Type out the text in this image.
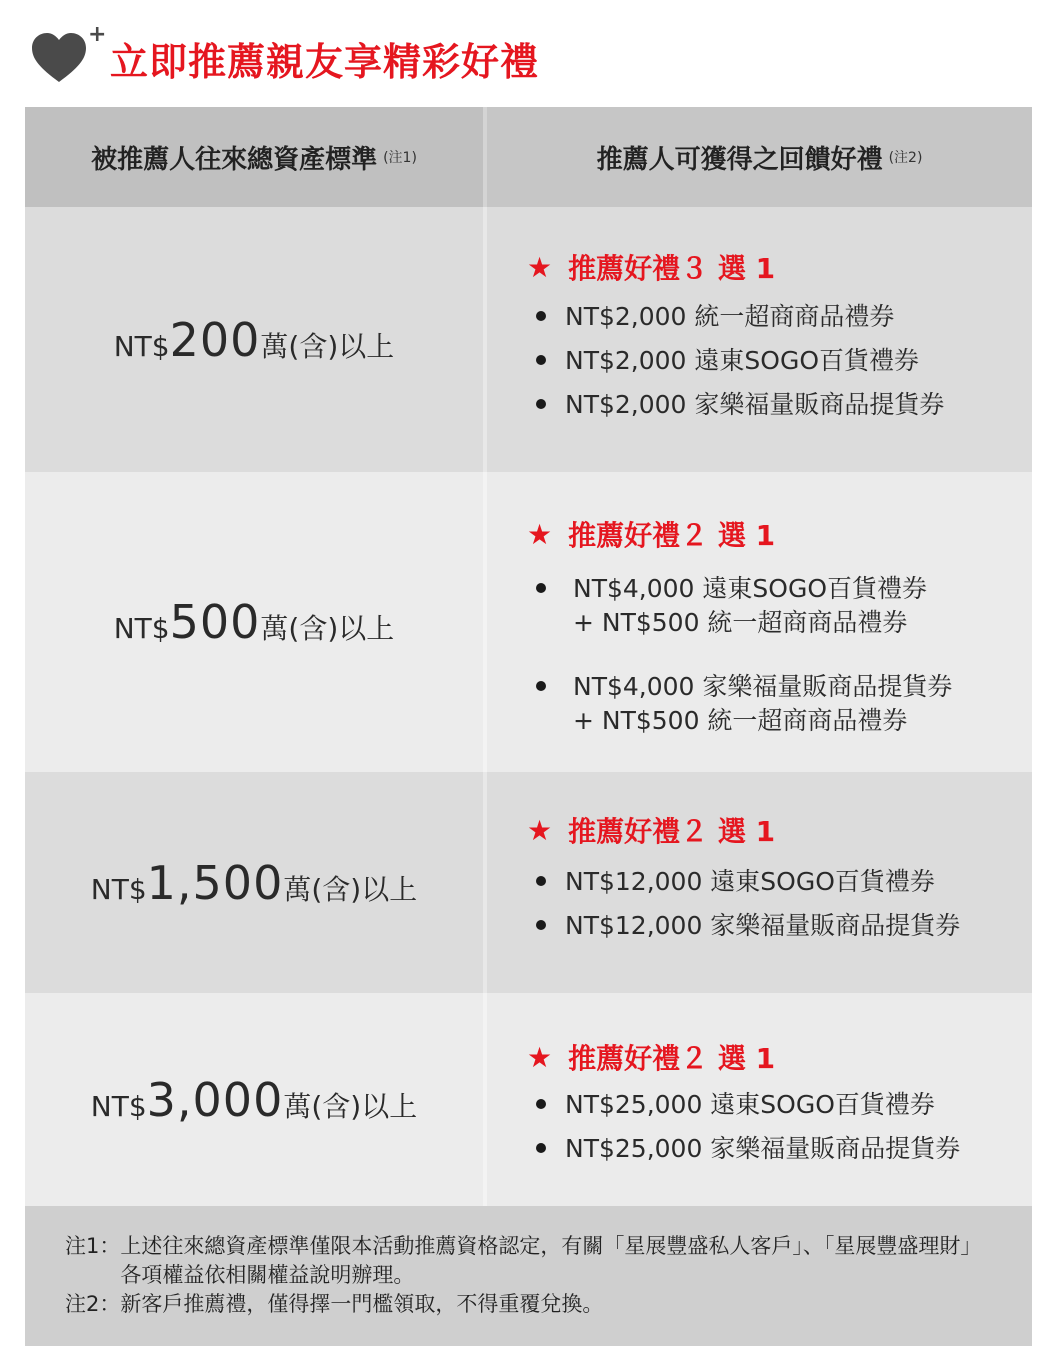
+
立即推薦親友享精彩好禮
被推薦人往來總資產標準 (注1)	推薦人可獲得之回饋好禮 (注2)
NT$ 200 萬(含)以上
★ 推薦好禮３ 選 1
NT$2,000 統一超商商品禮券
NT$2,000 遠東SOGO百貨禮券
NT$2,000 家樂福量販商品提貨券
NT$ 500 萬(含)以上
★ 推薦好禮２ 選 1
NT$4,000 遠東SOGO百貨禮券
+ NT$500 統一超商商品禮券
NT$4,000 家樂福量販商品提貨券
+ NT$500 統一超商商品禮券
NT$ 1,500 萬(含)以上
★ 推薦好禮２ 選 1
NT$12,000 遠東SOGO百貨禮券
NT$12,000 家樂福量販商品提貨券
NT$ 3,000 萬(含)以上
★ 推薦好禮２ 選 1
NT$25,000 遠東SOGO百貨禮券
NT$25,000 家樂福量販商品提貨券
注1： 上述往來總資產標準僅限本活動推薦資格認定，有關「星展豐盛私人客戶」、「星展豐盛理財」各項權益依相關權益說明辦理。
注2： 新客戶推薦禮，僅得擇一門檻領取，不得重覆兌換。
